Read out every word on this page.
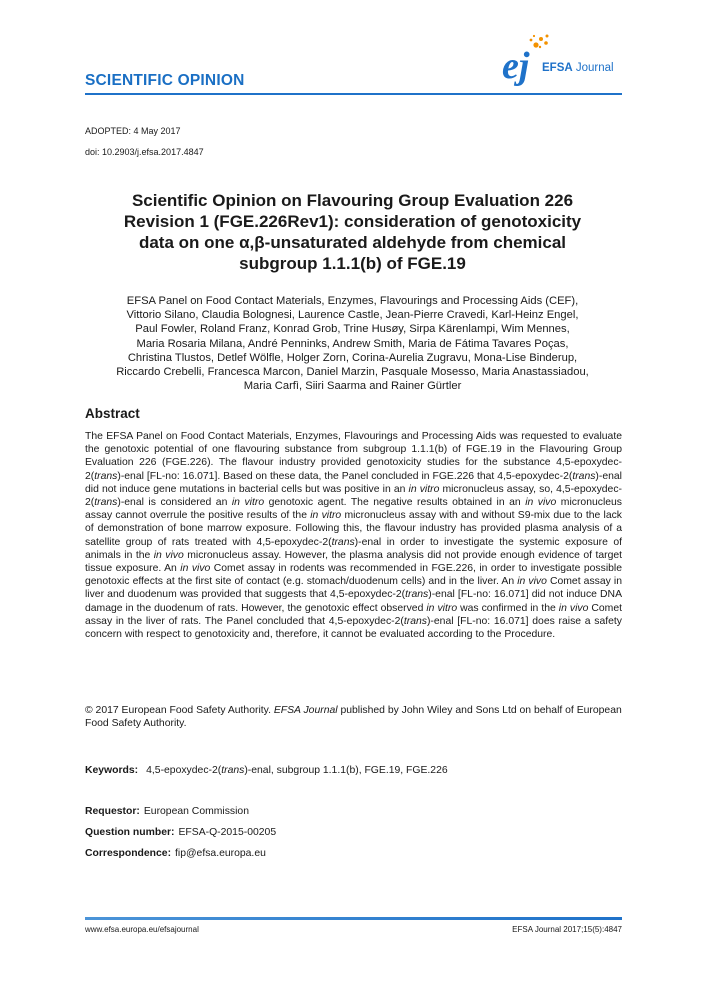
SCIENTIFIC OPINION	ej EFSA Journal
ADOPTED: 4 May 2017
doi: 10.2903/j.efsa.2017.4847
Scientific Opinion on Flavouring Group Evaluation 226
Revision 1 (FGE.226Rev1): consideration of genotoxicity
data on one α,β-unsaturated aldehyde from chemical
subgroup 1.1.1(b) of FGE.19
EFSA Panel on Food Contact Materials, Enzymes, Flavourings and Processing Aids (CEF),
Vittorio Silano, Claudia Bolognesi, Laurence Castle, Jean-Pierre Cravedi, Karl-Heinz Engel,
Paul Fowler, Roland Franz, Konrad Grob, Trine Husøy, Sirpa Kärenlampi, Wim Mennes,
Maria Rosaria Milana, André Penninks, Andrew Smith, Maria de Fátima Tavares Poças,
Christina Tlustos, Detlef Wölfle, Holger Zorn, Corina-Aurelia Zugravu, Mona-Lise Binderup,
Riccardo Crebelli, Francesca Marcon, Daniel Marzin, Pasquale Mosesso, Maria Anastassiadou,
Maria Carfì, Siiri Saarma and Rainer Gürtler
Abstract

The EFSA Panel on Food Contact Materials, Enzymes, Flavourings and Processing Aids was requested to evaluate the genotoxic potential of one flavouring substance from subgroup 1.1.1(b) of FGE.19 in the Flavouring Group Evaluation 226 (FGE.226). The flavour industry provided genotoxicity studies for the substance 4,5-epoxydec-2(trans)-enal [FL-no: 16.071]. Based on these data, the Panel concluded in FGE.226 that 4,5-epoxydec-2(trans)-enal did not induce gene mutations in bacterial cells but was positive in an in vitro micronucleus assay, so, 4,5-epoxydec-2(trans)-enal is considered an in vitro genotoxic agent. The negative results obtained in an in vivo micronucleus assay cannot overrule the positive results of the in vitro micronucleus assay with and without S9-mix due to the lack of demonstration of bone marrow exposure. Following this, the flavour industry has provided plasma analysis of a satellite group of rats treated with 4,5-epoxydec-2(trans)-enal in order to investigate the systemic exposure of animals in the in vivo micronucleus assay. However, the plasma analysis did not provide enough evidence of target tissue exposure. An in vivo Comet assay in rodents was recommended in FGE.226, in order to investigate possible genotoxic effects at the first site of contact (e.g. stomach/duodenum cells) and in the liver. An in vivo Comet assay in liver and duodenum was provided that suggests that 4,5-epoxydec-2(trans)-enal [FL-no: 16.071] did not induce DNA damage in the duodenum of rats. However, the genotoxic effect observed in vitro was confirmed in the in vivo Comet assay in the liver of rats. The Panel concluded that 4,5-epoxydec-2(trans)-enal [FL-no: 16.071] does raise a safety concern with respect to genotoxicity and, therefore, it cannot be evaluated according to the Procedure.

© 2017 European Food Safety Authority. EFSA Journal published by John Wiley and Sons Ltd on behalf of European Food Safety Authority.

Keywords: 4,5-epoxydec-2(trans)-enal, subgroup 1.1.1(b), FGE.19, FGE.226
Requestor: European Commission
Question number: EFSA-Q-2015-00205
Correspondence: fip@efsa.europa.eu
www.efsa.europa.eu/efsajournal	EFSA Journal 2017;15(5):4847
